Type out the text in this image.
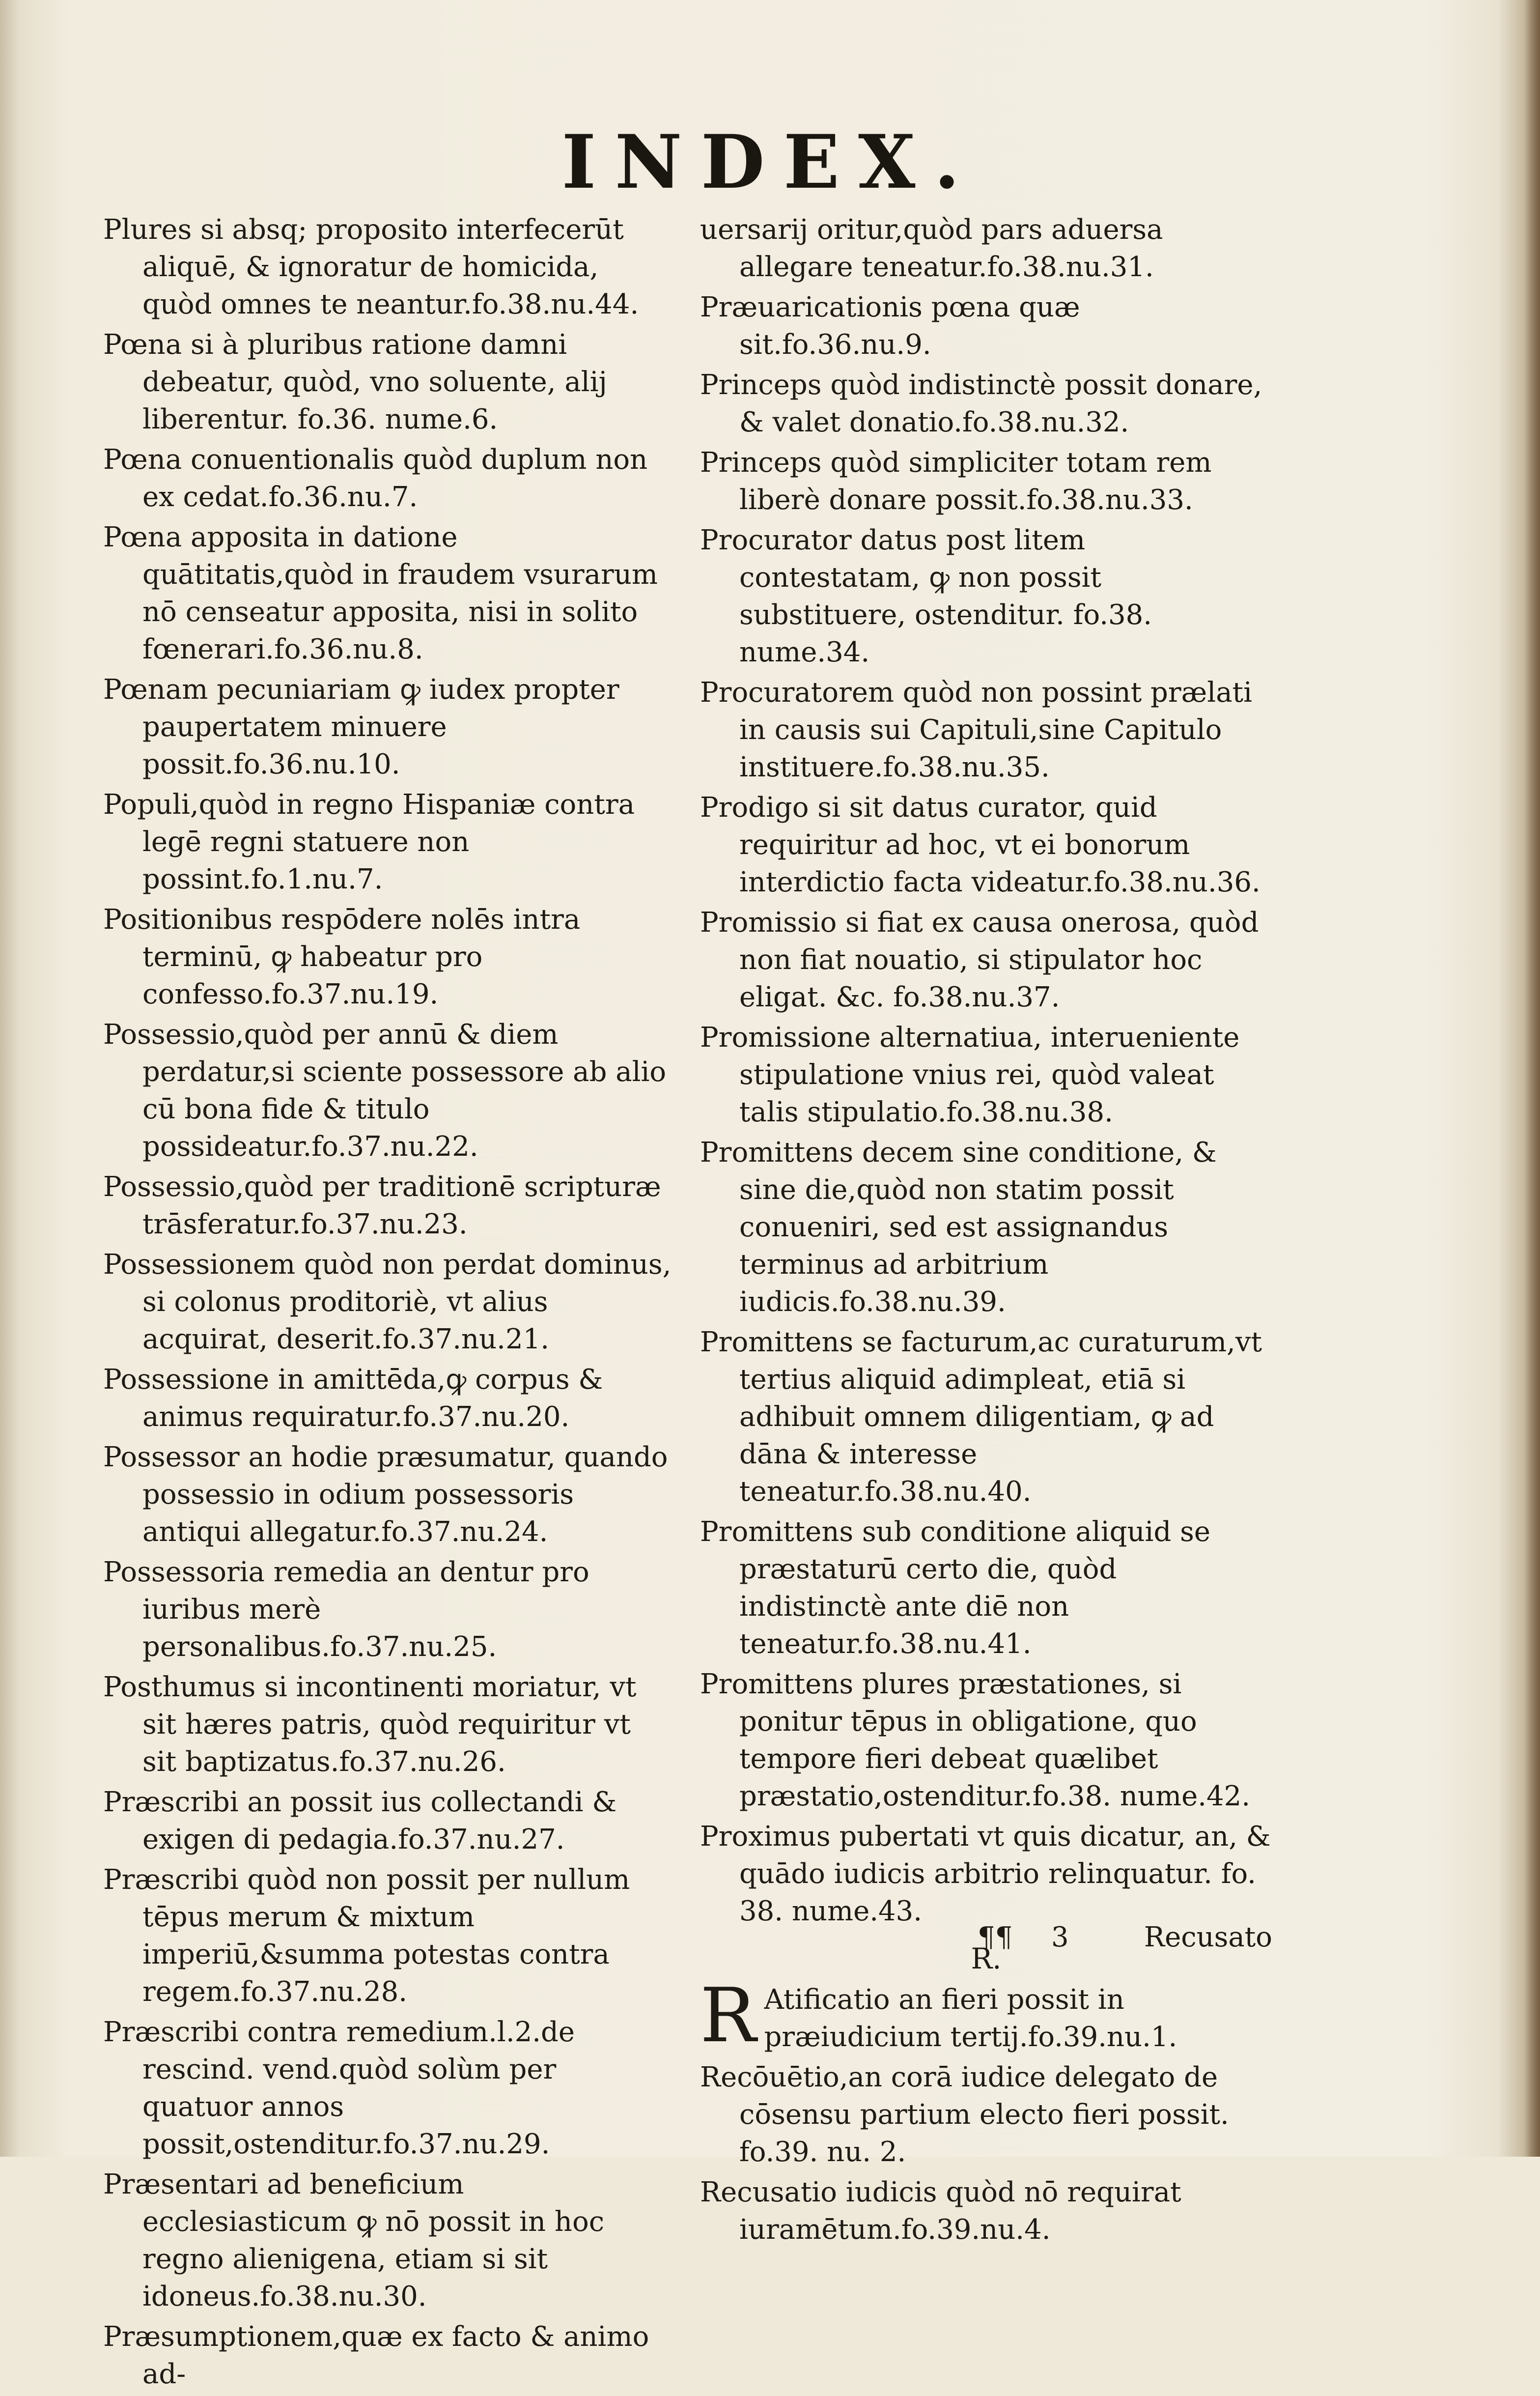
INDEX.

Plures si absq; proposito interfecerūt aliquē, & ignoratur de homicida, quòd omnes te neantur.fo.38.nu.44.

Pœna si à pluribus ratione damni debeatur, quòd, vno soluente, alij liberentur. fo.36. nume.6.

Pœna conuentionalis quòd duplum non ex cedat.fo.36.nu.7.

Pœna apposita in datione quātitatis,quòd in fraudem vsurarum nō censeatur apposita, nisi in solito fœnerari.fo.36.nu.8.

Pœnam pecuniariam ꝙ iudex propter paupertatem minuere possit.fo.36.nu.10.

Populi,quòd in regno Hispaniæ contra legē regni statuere non possint.fo.1.nu.7.

Positionibus respōdere nolēs intra terminū, ꝙ habeatur pro confesso.fo.37.nu.19.

Possessio,quòd per annū & diem perdatur,si sciente possessore ab alio cū bona fide & titulo possideatur.fo.37.nu.22.

Possessio,quòd per traditionē scripturæ trāsferatur.fo.37.nu.23.

Possessionem quòd non perdat dominus, si colonus proditoriè, vt alius acquirat, deserit.fo.37.nu.21.

Possessione in amittēda,ꝙ corpus & animus requiratur.fo.37.nu.20.

Possessor an hodie præsumatur, quando possessio in odium possessoris antiqui allegatur.fo.37.nu.24.

Possessoria remedia an dentur pro iuribus merè personalibus.fo.37.nu.25.

Posthumus si incontinenti moriatur, vt sit hæres patris, quòd requiritur vt sit baptizatus.fo.37.nu.26.

Præscribi an possit ius collectandi & exigen di pedagia.fo.37.nu.27.

Præscribi quòd non possit per nullum tēpus merum & mixtum imperiū,&summa potestas contra regem.fo.37.nu.28.

Præscribi contra remedium.l.2.de rescind. vend.quòd solùm per quatuor annos possit,ostenditur.fo.37.nu.29.

Præsentari ad beneficium ecclesiasticum ꝙ nō possit in hoc regno alienigena, etiam si sit idoneus.fo.38.nu.30.

Præsumptionem,quæ ex facto & animo ad-

uersarij oritur,quòd pars aduersa allegare teneatur.fo.38.nu.31.

Præuaricationis pœna quæ sit.fo.36.nu.9.

Princeps quòd indistinctè possit donare, & valet donatio.fo.38.nu.32.

Princeps quòd simpliciter totam rem liberè donare possit.fo.38.nu.33.

Procurator datus post litem contestatam, ꝙ non possit substituere, ostenditur. fo.38. nume.34.

Procuratorem quòd non possint prælati in causis sui Capituli,sine Capitulo instituere.fo.38.nu.35.

Prodigo si sit datus curator, quid requiritur ad hoc, vt ei bonorum interdictio facta videatur.fo.38.nu.36.

Promissio si fiat ex causa onerosa, quòd non fiat nouatio, si stipulator hoc eligat. &c. fo.38.nu.37.

Promissione alternatiua, interueniente stipulatione vnius rei, quòd valeat talis stipulatio.fo.38.nu.38.

Promittens decem sine conditione, & sine die,quòd non statim possit conueniri, sed est assignandus terminus ad arbitrium iudicis.fo.38.nu.39.

Promittens se facturum,ac curaturum,vt tertius aliquid adimpleat, etiā si adhibuit omnem diligentiam, ꝙ ad dāna & interesse teneatur.fo.38.nu.40.

Promittens sub conditione aliquid se præstaturū certo die, quòd indistinctè ante diē non teneatur.fo.38.nu.41.

Promittens plures præstationes, si ponitur tēpus in obligatione, quo tempore fieri debeat quælibet præstatio,ostenditur.fo.38. nume.42.

Proximus pubertati vt quis dicatur, an, & quādo iudicis arbitrio relinquatur. fo. 38. nume.43.

R.

R Atificatio an fieri possit in præiudicium tertij.fo.39.nu.1.

Recōuētio,an corā iudice delegato de cōsensu partium electo fieri possit. fo.39. nu. 2.

Recusatio iudicis quòd nō requirat iuramētum.fo.39.nu.4.

¶¶	3	Recusato
